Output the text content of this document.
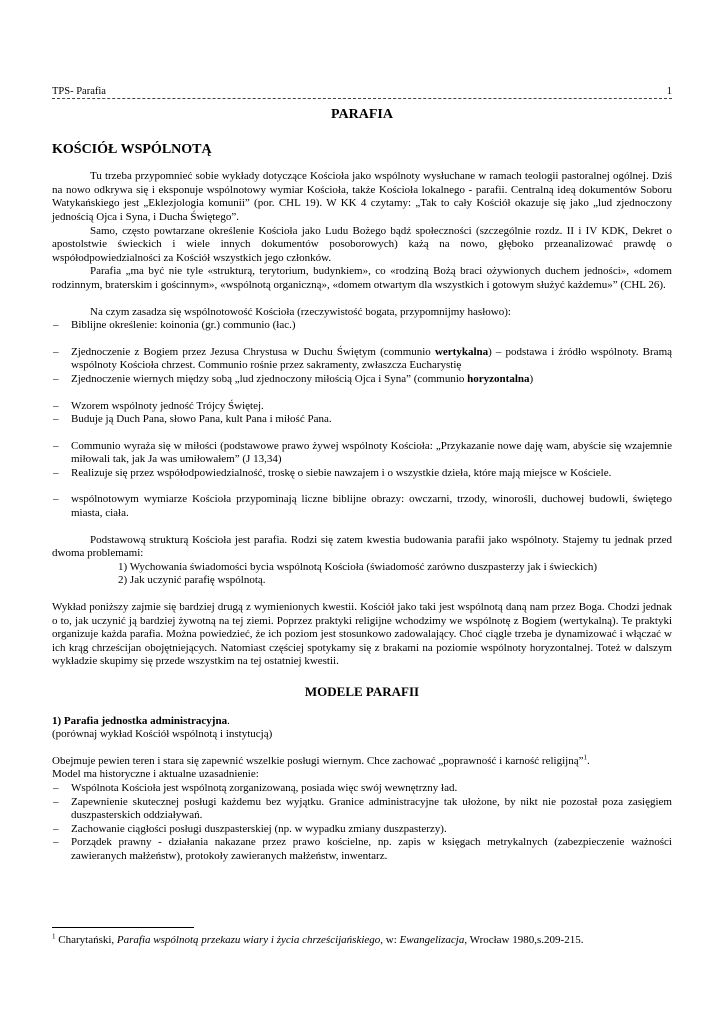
TPS- Parafia	1
PARAFIA
KOŚCIÓŁ WSPÓLNOTĄ

Tu trzeba przypomnieć sobie wykłady dotyczące Kościoła jako wspólnoty wysłuchane w ramach teologii pastoralnej ogólnej. Dziś na nowo odkrywa się i eksponuje wspólnotowy wymiar Kościoła, także Kościoła lokalnego - parafii. Centralną ideą dokumentów Soboru Watykańskiego jest „Eklezjologia komunii” (por. CHL 19). W KK 4 czytamy: „Tak to cały Kościół okazuje się jako „lud zjednoczony jednością Ojca i Syna, i Ducha Świętego”.

Samo, często powtarzane określenie Kościoła jako Ludu Bożego bądź społeczności (szczególnie rozdz. II i IV KDK, Dekret o apostolstwie świeckich i wiele innych dokumentów posoborowych) każą na nowo, głęboko przeanalizować prawdę o współodpowiedzialności za Kościół wszystkich jego członków.

Parafia „ma być nie tyle «strukturą, terytorium, budynkiem», co «rodziną Bożą braci ożywionych duchem jedności», «domem rodzinnym, braterskim i gościnnym», «wspólnotą organiczną», «domem otwartym dla wszystkich i gotowym służyć każdemu»” (CHL 26).

Na czym zasadza się wspólnotowość Kościoła (rzeczywistość bogata, przypomnijmy hasłowo):

– Biblijne określenie: koinonia (gr.) communio (łac.)
– Zjednoczenie z Bogiem przez Jezusa Chrystusa w Duchu Świętym (communio wertykalna) – podstawa i źródło wspólnoty. Bramą wspólnoty Kościoła chrzest. Communio rośnie przez sakramenty, zwłaszcza Eucharystię
– Zjednoczenie wiernych między sobą „lud zjednoczony miłością Ojca i Syna” (communio horyzontalna)
– Wzorem wspólnoty jedność Trójcy Świętej.
– Buduje ją Duch Pana, słowo Pana, kult Pana i miłość Pana.
– Communio wyraża się w miłości (podstawowe prawo żywej wspólnoty Kościoła: „Przykazanie nowe daję wam, abyście się wzajemnie miłowali tak, jak Ja was umiłowałem” (J 13,34)
– Realizuje się przez współodpowiedzialność, troskę o siebie nawzajem i o wszystkie dzieła, które mają miejsce w Kościele.
– wspólnotowym wymiarze Kościoła przypominają liczne biblijne obrazy: owczarni, trzody, winorośli, duchowej budowli, świętego miasta, ciała.

Podstawową strukturą Kościoła jest parafia. Rodzi się zatem kwestia budowania parafii jako wspólnoty. Stajemy tu jednak przed dwoma problemami:

1) Wychowania świadomości bycia wspólnotą Kościoła (świadomość zarówno duszpasterzy jak i świeckich)
2) Jak uczynić parafię wspólnotą.

Wykład poniższy zajmie się bardziej drugą z wymienionych kwestii. Kościół jako taki jest wspólnotą daną nam przez Boga. Chodzi jednak o to, jak uczynić ją bardziej żywotną na tej ziemi. Poprzez praktyki religijne wchodzimy we wspólnotę z Bogiem (wertykalną). Te praktyki organizuje każda parafia. Można powiedzieć, że ich poziom jest stosunkowo zadowalający. Choć ciągle trzeba je dynamizować i włączać w ich krąg chrześcijan obojętniejących. Natomiast częściej spotykamy się z brakami na poziomie wspólnoty horyzontalnej. Toteż w dalszym wykładzie skupimy się przede wszystkim na tej ostatniej kwestii.

MODELE PARAFII

1) Parafia jednostka administracyjna.

(porównaj wykład Kościół wspólnotą i instytucją)

Obejmuje pewien teren i stara się zapewnić wszelkie posługi wiernym. Chce zachować „poprawność i karność religijną”$^1$.

Model ma historyczne i aktualne uzasadnienie:

– Wspólnota Kościoła jest wspólnotą zorganizowaną, posiada więc swój wewnętrzny ład.
– Zapewnienie skutecznej posługi każdemu bez wyjątku. Granice administracyjne tak ułożone, by nikt nie pozostał poza zasięgiem duszpasterskich oddziaływań.
– Zachowanie ciągłości posługi duszpasterskiej (np. w wypadku zmiany duszpasterzy).
– Porządek prawny - działania nakazane przez prawo kościelne, np. zapis w księgach metrykalnych (zabezpieczenie ważności zawieranych małżeństw), protokoły zawieranych małżeństw, inwentarz.
$^1$ Charytański, Parafia wspólnotą przekazu wiary i życia chrześcijańskiego, w: Ewangelizacja, Wrocław 1980,s.209-215.
